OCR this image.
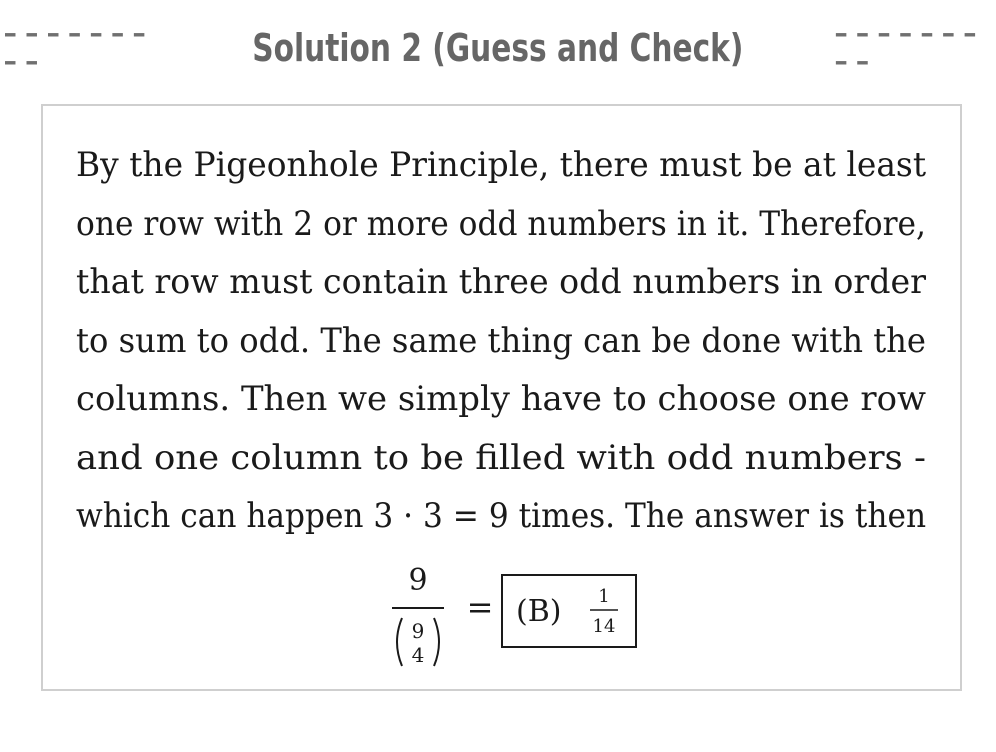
---------	Solution 2 (Guess and Check)	---------
By the Pigeonhole Principle, there must be at least
one row with 2 or more odd numbers in it. Therefore,
that row must contain three odd numbers in order
to sum to odd. The same thing can be done with the
columns. Then we simply have to choose one row
and one column to be filled with odd numbers -
which can happen 3 · 3 = 9 times. The answer is then
9
9
4
= (B) 1
14
